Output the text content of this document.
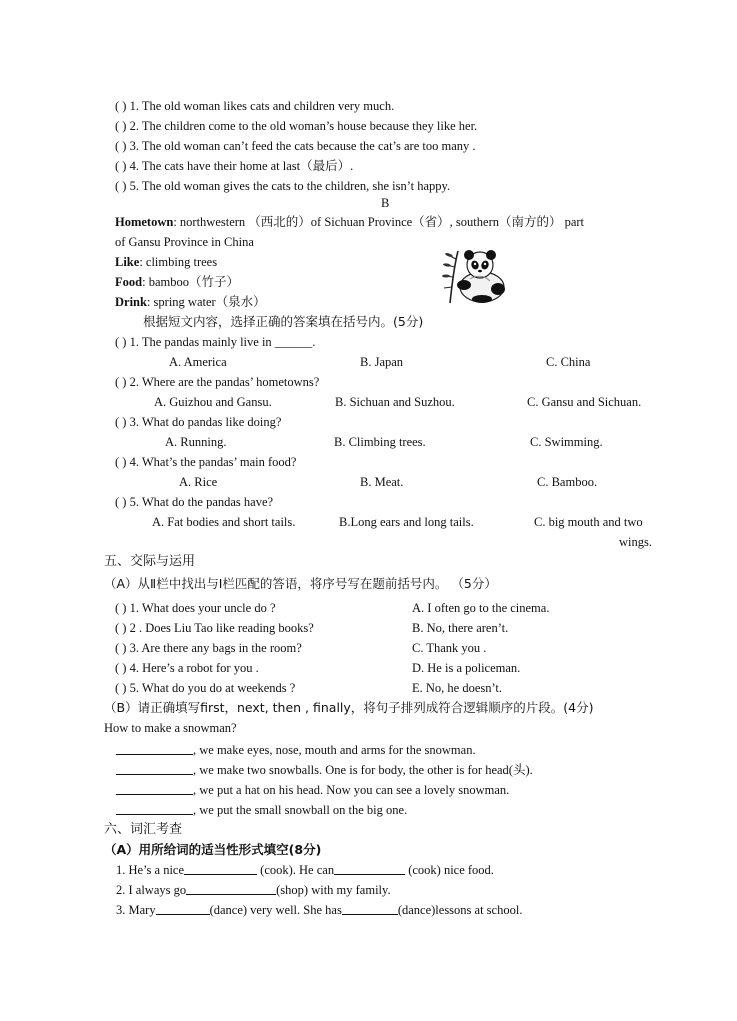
( ) 1. The old woman likes cats and children very much.
( ) 2. The children come to the old woman’s house because they like her.
( ) 3. The old woman can’t feed the cats because the cat’s are too many .
( ) 4. The cats have their home at last（最后）.
( ) 5. The old woman gives the cats to the children, she isn’t happy.
B
Hometown: northwestern （西北的）of Sichuan Province（省）, southern（南方的） part
of Gansu Province in China
Like: climbing trees
Food: bamboo（竹子）
Drink: spring water（泉水）
根据短文内容，选择正确的答案填在括号内。(5分)
( ) 1. The pandas mainly live in ______.
A. America	B. Japan	C. China
( ) 2. Where are the pandas’ hometowns?
A. Guizhou and Gansu.	B. Sichuan and Suzhou.	C. Gansu and Sichuan.
( ) 3. What do pandas like doing?
A. Running.	B. Climbing trees.	C. Swimming.
( ) 4. What’s the pandas’ main food?
A. Rice	B. Meat.	C. Bamboo.
( ) 5. What do the pandas have?
A. Fat bodies and short tails.	B.Long ears and long tails.	C. big mouth and two
wings.
五、交际与运用
（A）从Ⅱ栏中找出与Ⅰ栏匹配的答语，将序号写在题前括号内。 （5分）
( ) 1. What does your uncle do ?	A. I often go to the cinema.
( ) 2 . Does Liu Tao like reading books?	B. No, there aren’t.
( ) 3. Are there any bags in the room?	C. Thank you .
( ) 4. Here’s a robot for you .	D. He is a policeman.
( ) 5. What do you do at weekends ?	E. No, he doesn’t.
（B）请正确填写first，next, then , finally，将句子排列成符合逻辑顺序的片段。(4分)
How to make a snowman?
, we make eyes, nose, mouth and arms for the snowman.
, we make two snowballs. One is for body, the other is for head(头).
, we put a hat on his head. Now you can see a lovely snowman.
, we put the small snowball on the big one.
六、词汇考查
（A）用所给词的适当性形式填空(8分)
1. He’s a nice	(cook). He can	(cook) nice food.
2. I always go	(shop) with my family.
3. Mary	(dance) very well. She has	(dance)lessons at school.
